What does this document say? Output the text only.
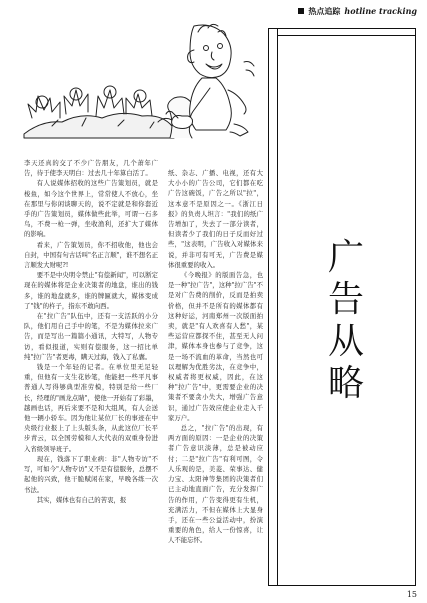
热点追踪 hotline tracking

李天还真的交了不少广告朋友，几个萧年广告，待于使李天明白：过去几十年算白活了。

有人说媒体招收的这些广告策划员，就是梭鱼，如今这个世界上，常常使人不放心，坐在那里与你闲谈聊天的，说不定就是和你套近乎的广告策划员，媒体做些此举，可谓一石多鸟，不费一枪一弹，坐收渔利，还扩大了媒体的影响。

看来，广告策划员，你不招收他，他也会自封，中国有句古话叫"名正言顺"，谁不想名正言顺发大财呢?!

要不是中央明令禁止"有偿新闻"，可以断定现在的媒体将是企业决策者的地盘，谁出的钱多，谁的地盘就多，谁的牌匾就大，媒体变成了"钱"的杵子，指东不敢向西。

在"拉广告"队伍中，还有一支活跃的小分队，他们用自己手中的笔，不是为媒体拉来广告，而是写出一篇篇小通讯，大特写，人物专访，看似报道，实则有偿服务，这一招比单纯"拉广告"者更毒，瞒天过海，钱入了私囊。

钱是一个年轻的记者。在单位里无足轻重，但他有一支生花妙笔，他能把一些平凡事普通人写得够典型准劳模，特别是给一些厂长，经理的"画龙点睛"，使他一开始有了彩墨，越画也话，再后来要不是和大组风，有人会送他一辆小轿车。因为他让某位厂长的事迹在中央级行业报上了上头版头条，从此这位厂长平步青云，以全国劳模和人大代表的双重身份进入省级领导班子。

现在，钱落下了职业病：非"人物专访"不写，可如今"人物专访"又不是有偿服务，总摆不起他的兴致，他干脆赋闲在家，早晚各练一次书法。

其实，媒体也有自己的苦衷，报

纸、杂志、广播、电视，还有大大小小的广告公司，它们都在吃广告这碗饭，广告之所以"拉"，这本意不是原因之一。《浙江日报》的负责人坦言："我们的纸广告增加了，失去了一部分读者，但读者少了我们的日子反而好过些，"这表明，广告收入对媒体来说，并非可有可无，广告费是媒体很重要的收入。

《今晚报》的版面告急，也是一种"拉广告"，这种"拉广告"不是对广告费的削价，反而是拍卖价格，但并不是所有的媒体都有这种好运，河南郑州一次版面拍卖，就是"有人欢喜有人愁"，某些运营应都探不住，甚至无人问津，媒体本身也参与了竞争，这是一场不流血的革命，当然也可以理解为优胜劣汰，在竞争中，权威者将更权威，因此，在这种"拉广告"中，更需要企业的决策者不要贪小失大，增强广告意识，通过广告效应使企业走入千家万户。

总之，"拉广告"的出现，有两方面的原因：一是企业的决策者广告意识淡薄，总是被动应付；二是"拉广告"有利可图，令人乐观的是，美菱、荣事达、健力宝、太阳神等集团的决策者们已主动地直面广告，充分发挥广告的作用，广告变得更有生机，充满活力，不但在媒体上大显身手，还在一些公益活动中，扮演重要的角色，给人一份惊喜，让人不能忘怀。

广
告
从
略
15
